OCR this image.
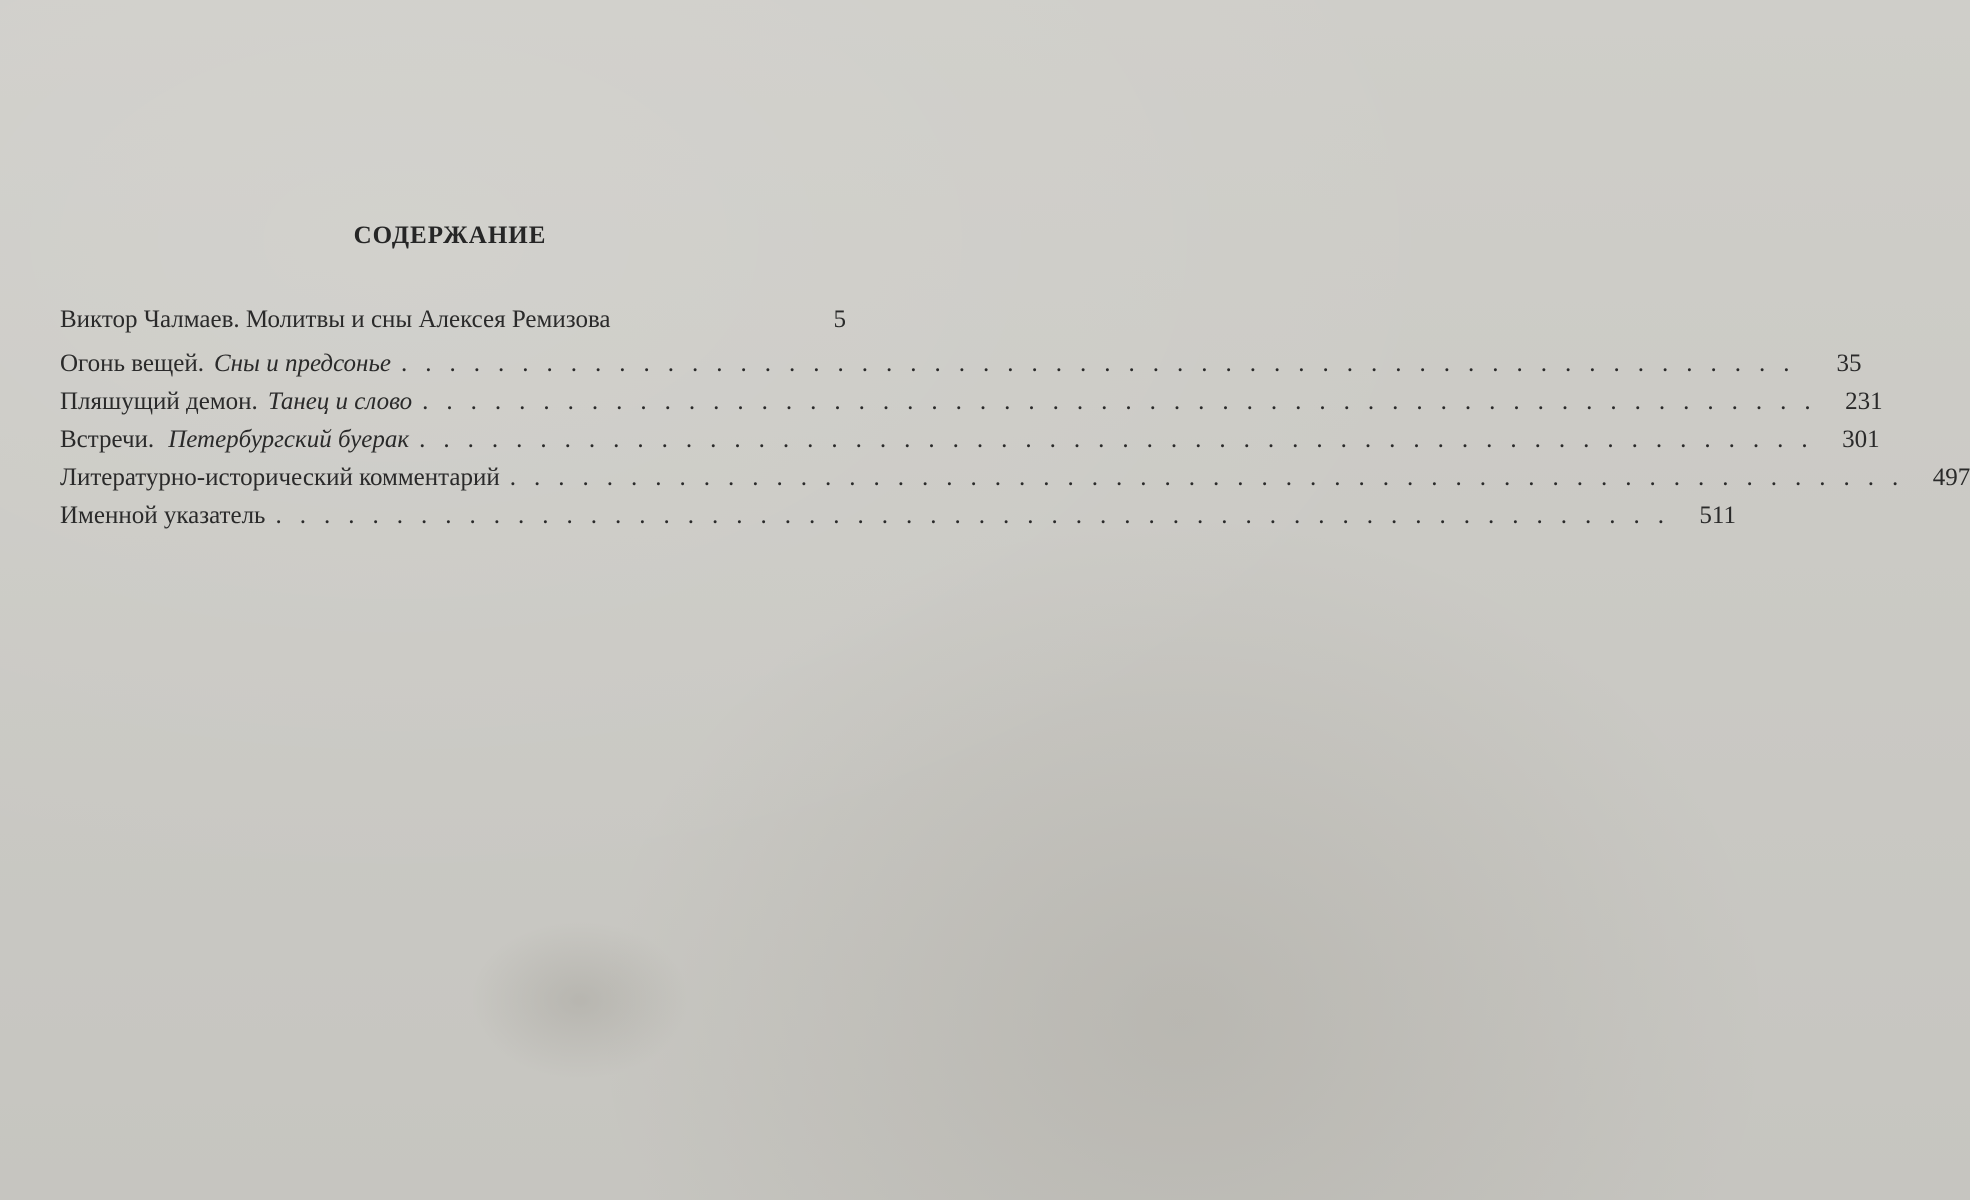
СОДЕРЖАНИЕ
Виктор Чалмаев. Молитвы и сны Алексея Ремизова	5
Огонь вещей. Сны и предсонье ..........................................................	35
Пляшущий демон. Танец и слово .......................................................... 231
Встречи. Петербургский буерак .......................................................... 301
Литературно-исторический комментарий .......................................................... 497
Именной указатель .......................................................... 511
